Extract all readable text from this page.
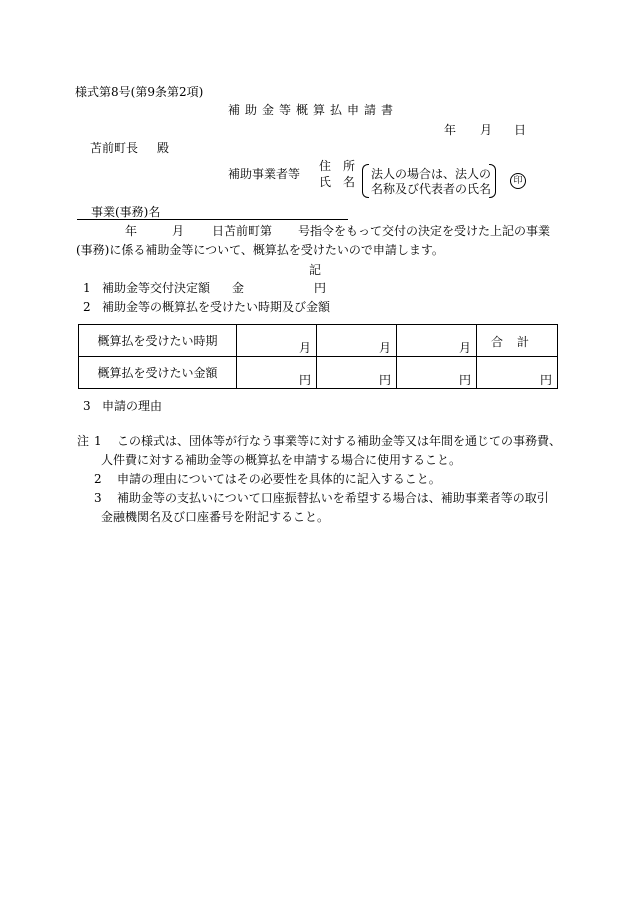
様式第8号(第9条第2項)
補助金等概算払申請書
年 月 日
苫前町長 殿
補助事業者等
住　所
氏　名
法人の場合は、法人の
名称及び代表者の氏名
印
事業(事務)名
年	月 日苫前町第 号指令をもって交付の決定を受けた上記の事業
(事務)に係る補助金等について、概算払を受けたいので申請します。
記
1 補助金等交付決定額 金	円
2 補助金等の概算払を受けたい時期及び金額
概算払を受けたい時期	月	月	月	合計

概算払を受けたい金額	円	円	円	円
3 申請の理由
注 1 この様式は、団体等が行なう事業等に対する補助金等又は年間を通じての事務費、
人件費に対する補助金等の概算払を申請する場合に使用すること。
2 申請の理由についてはその必要性を具体的に記入すること。
3 補助金等の支払いについて口座振替払いを希望する場合は、補助事業者等の取引
金融機関名及び口座番号を附記すること。
